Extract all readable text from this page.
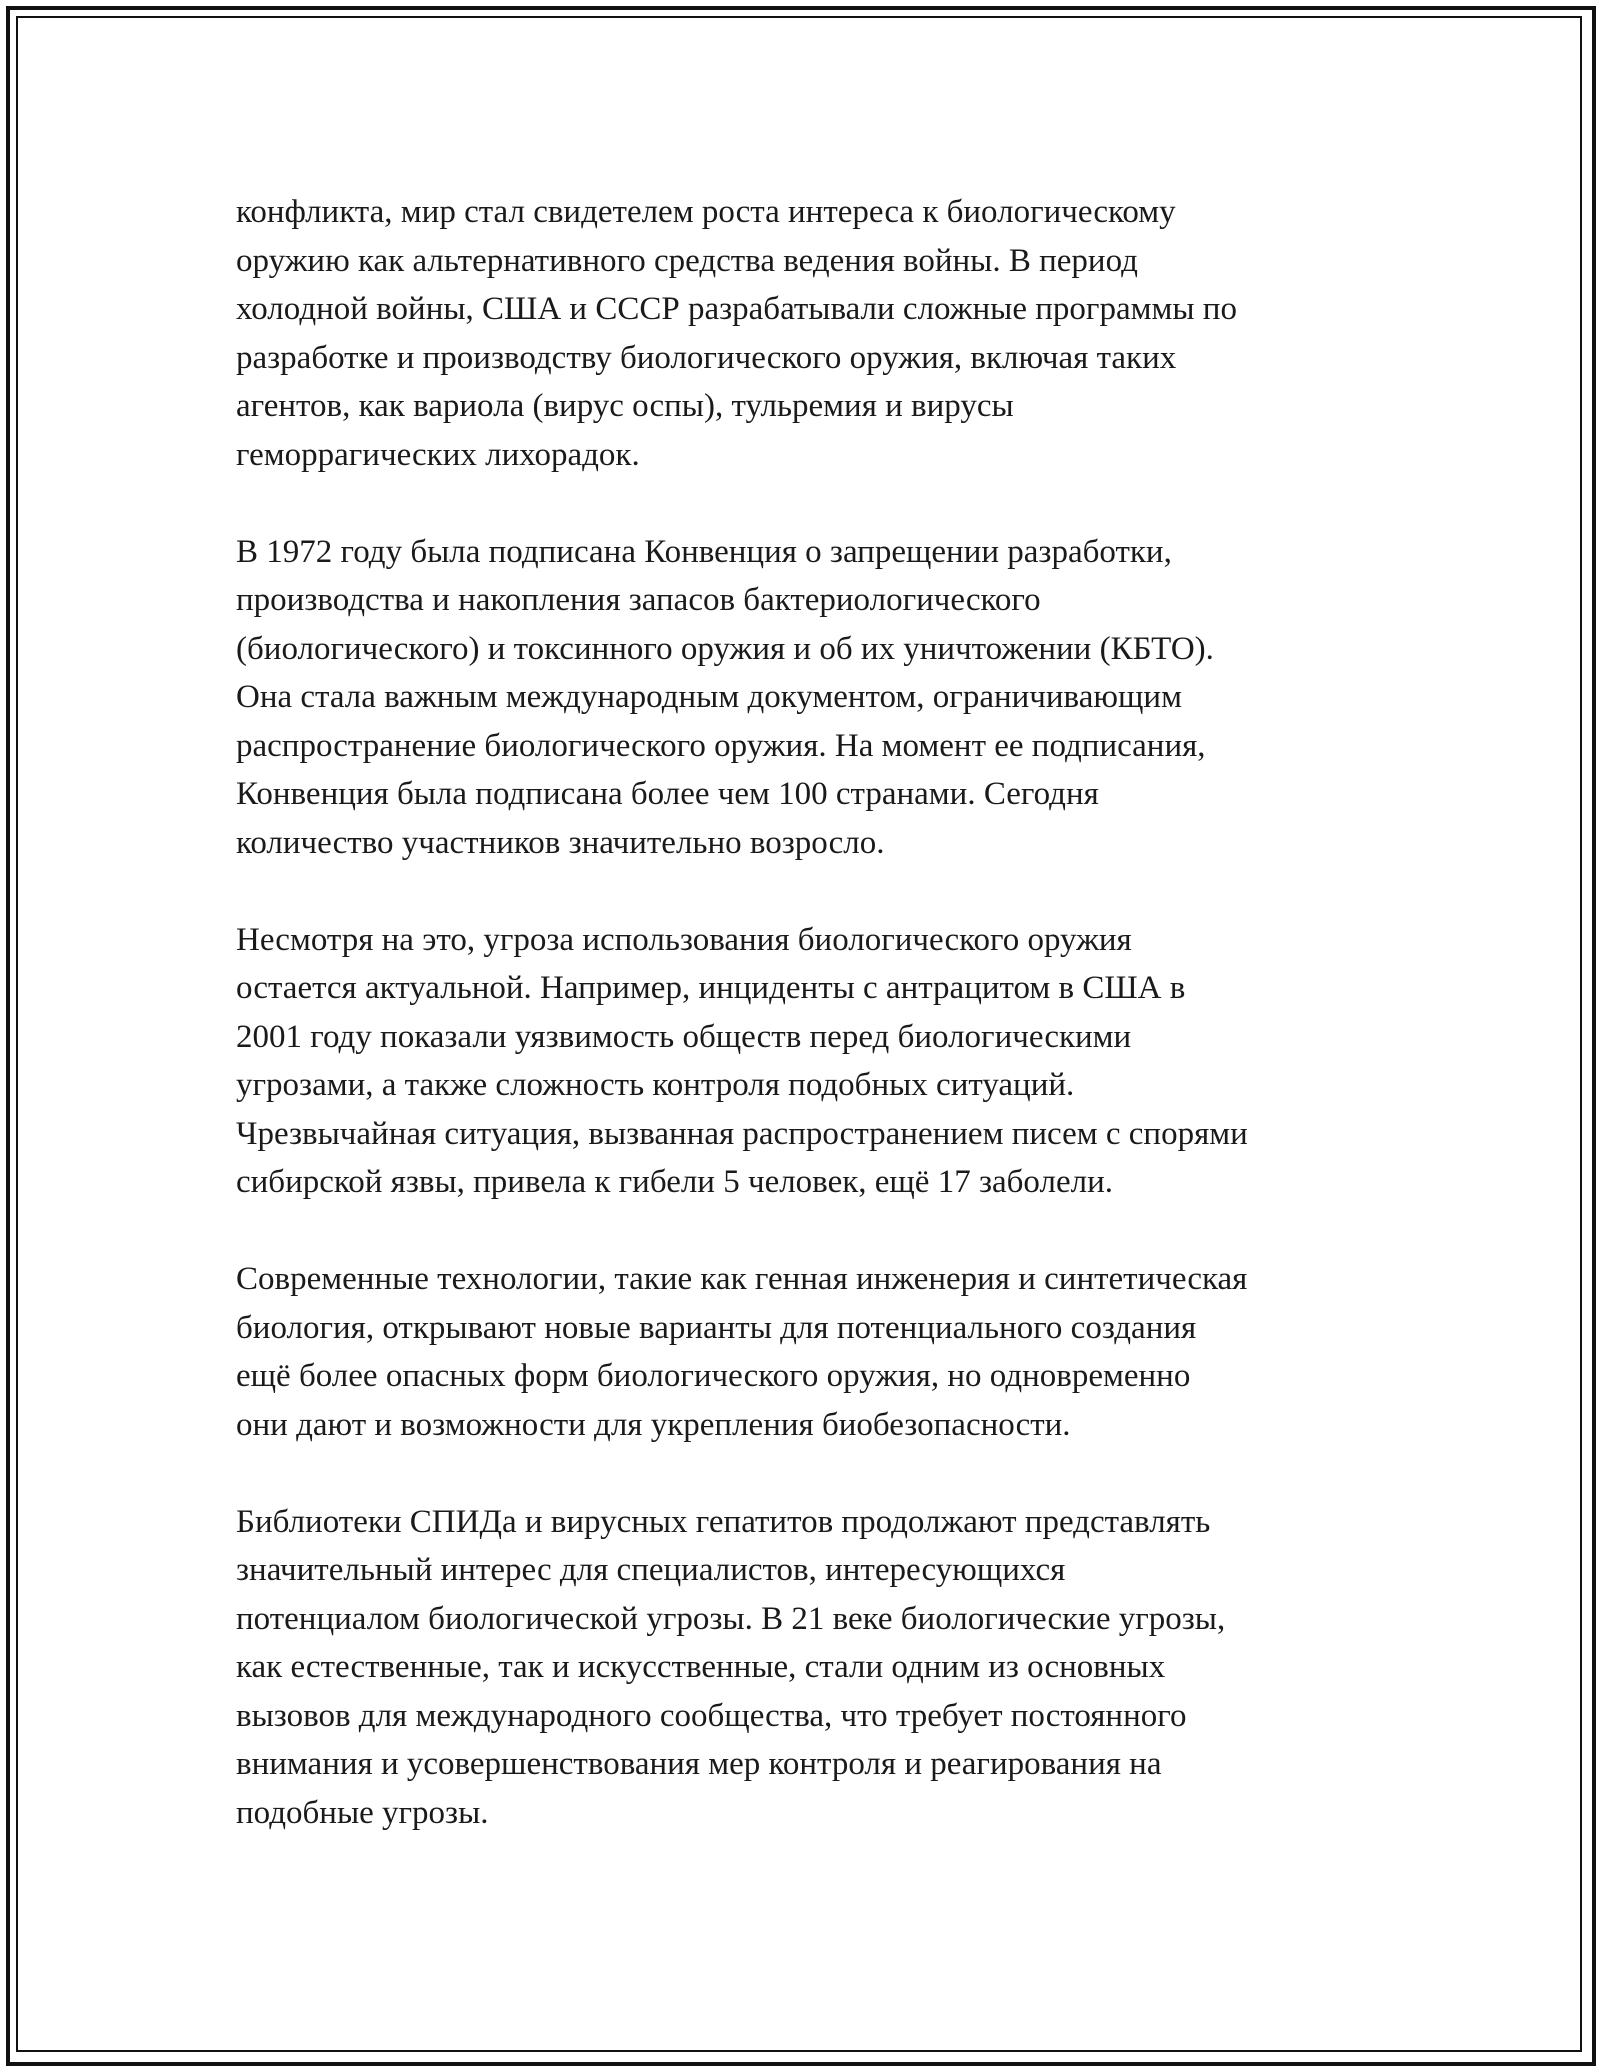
конфликта, мир стал свидетелем роста интереса к биологическому
оружию как альтернативного средства ведения войны. В период
холодной войны, США и СССР разрабатывали сложные программы по
разработке и производству биологического оружия, включая таких
агентов, как вариола (вирус оспы), тульремия и вирусы
геморрагических лихорадок.

В 1972 году была подписана Конвенция о запрещении разработки,
производства и накопления запасов бактериологического
(биологического) и токсинного оружия и об их уничтожении (КБТО).
Она стала важным международным документом, ограничивающим
распространение биологического оружия. На момент ее подписания,
Конвенция была подписана более чем 100 странами. Сегодня
количество участников значительно возросло.

Несмотря на это, угроза использования биологического оружия
остается актуальной. Например, инциденты с антрацитом в США в
2001 году показали уязвимость обществ перед биологическими
угрозами, а также сложность контроля подобных ситуаций.
Чрезвычайная ситуация, вызванная распространением писем с спорями
сибирской язвы, привела к гибели 5 человек, ещё 17 заболели.

Современные технологии, такие как генная инженерия и синтетическая
биология, открывают новые варианты для потенциального создания
ещё более опасных форм биологического оружия, но одновременно
они дают и возможности для укрепления биобезопасности.

Библиотеки СПИДа и вирусных гепатитов продолжают представлять
значительный интерес для специалистов, интересующихся
потенциалом биологической угрозы. В 21 веке биологические угрозы,
как естественные, так и искусственные, стали одним из основных
вызовов для международного сообщества, что требует постоянного
внимания и усовершенствования мер контроля и реагирования на
подобные угрозы.
